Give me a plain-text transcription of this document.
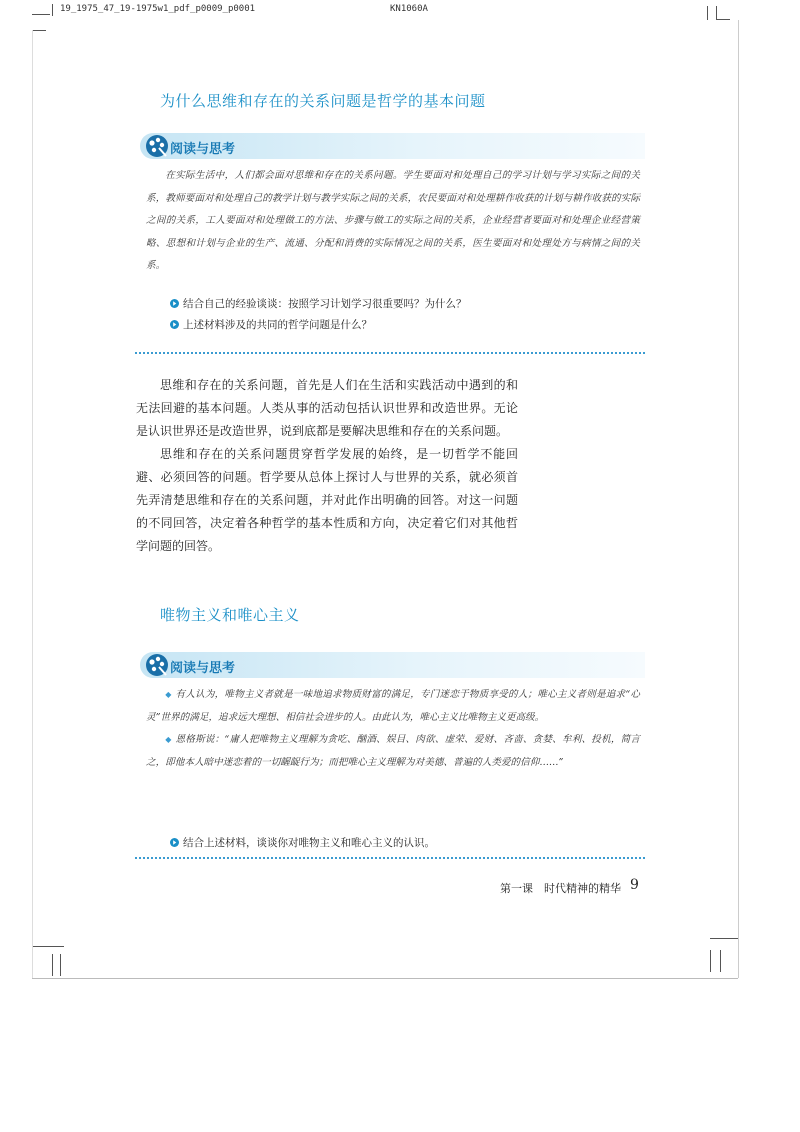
19_1975_47_19-1975w1_pdf_p0009_p0001	KN1060A
为什么思维和存在的关系问题是哲学的基本问题
阅读与思考

在实际生活中，人们都会面对思维和存在的关系问题。学生要面对和处理自己的学习计划与学习实际之间的关系，教师要面对和处理自己的教学计划与教学实际之间的关系，农民要面对和处理耕作收获的计划与耕作收获的实际之间的关系，工人要面对和处理做工的方法、步骤与做工的实际之间的关系，企业经营者要面对和处理企业经营策略、思想和计划与企业的生产、流通、分配和消费的实际情况之间的关系，医生要面对和处理处方与病情之间的关系。

结合自己的经验谈谈：按照学习计划学习很重要吗？为什么？
上述材料涉及的共同的哲学问题是什么？

思维和存在的关系问题，首先是人们在生活和实践活动中遇到的和无法回避的基本问题。人类从事的活动包括认识世界和改造世界。无论是认识世界还是改造世界，说到底都是要解决思维和存在的关系问题。

思维和存在的关系问题贯穿哲学发展的始终，是一切哲学不能回避、必须回答的问题。哲学要从总体上探讨人与世界的关系，就必须首先弄清楚思维和存在的关系问题，并对此作出明确的回答。对这一问题的不同回答，决定着各种哲学的基本性质和方向，决定着它们对其他哲学问题的回答。

唯物主义和唯心主义
阅读与思考

◆ 有人认为，唯物主义者就是一味地追求物质财富的满足，专门迷恋于物质享受的人；唯心主义者则是追求“心灵”世界的满足，追求远大理想、相信社会进步的人。由此认为，唯心主义比唯物主义更高级。

◆ 恩格斯说：“庸人把唯物主义理解为贪吃、酗酒、娱目、肉欲、虚荣、爱财、吝啬、贪婪、牟利、投机，简言之，即他本人暗中迷恋着的一切龌龊行为；而把唯心主义理解为对美德、普遍的人类爱的信仰……”

结合上述材料，谈谈你对唯物主义和唯心主义的认识。
第一课　时代精神的精华 9
